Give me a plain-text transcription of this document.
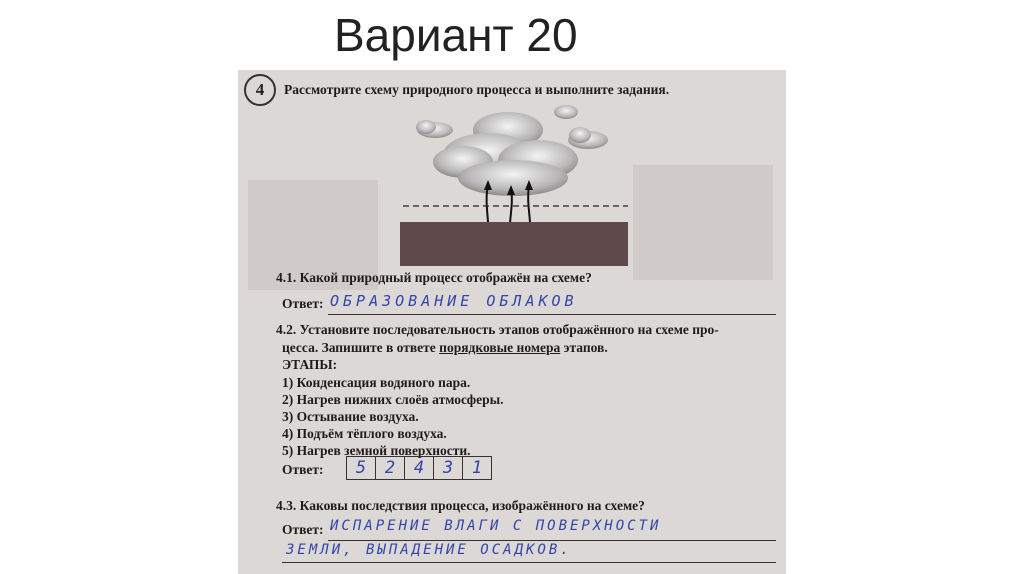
Вариант 20
4	Рассмотрите схему природного процесса и выполните задания.
4.1. Какой природный процесс отображён на схеме?
Ответ: ОБРАЗОВАНИЕ ОБЛАКОВ
4.2. Установите последовательность этапов отображённого на схеме про-
цесса. Запишите в ответе порядковые номера этапов.
ЭТАПЫ:
1) Конденсация водяного пара.
2) Нагрев нижних слоёв атмосферы.
3) Остывание воздуха.
4) Подъём тёплого воздуха.
5) Нагрев земной поверхности.
Ответ:	5	2	4	3	1
4.3. Каковы последствия процесса, изображённого на схеме?
Ответ: ИСПАРЕНИЕ ВЛАГИ С ПОВЕРХНОСТИ
ЗЕМЛИ, ВЫПАДЕНИЕ ОСАДКОВ.
